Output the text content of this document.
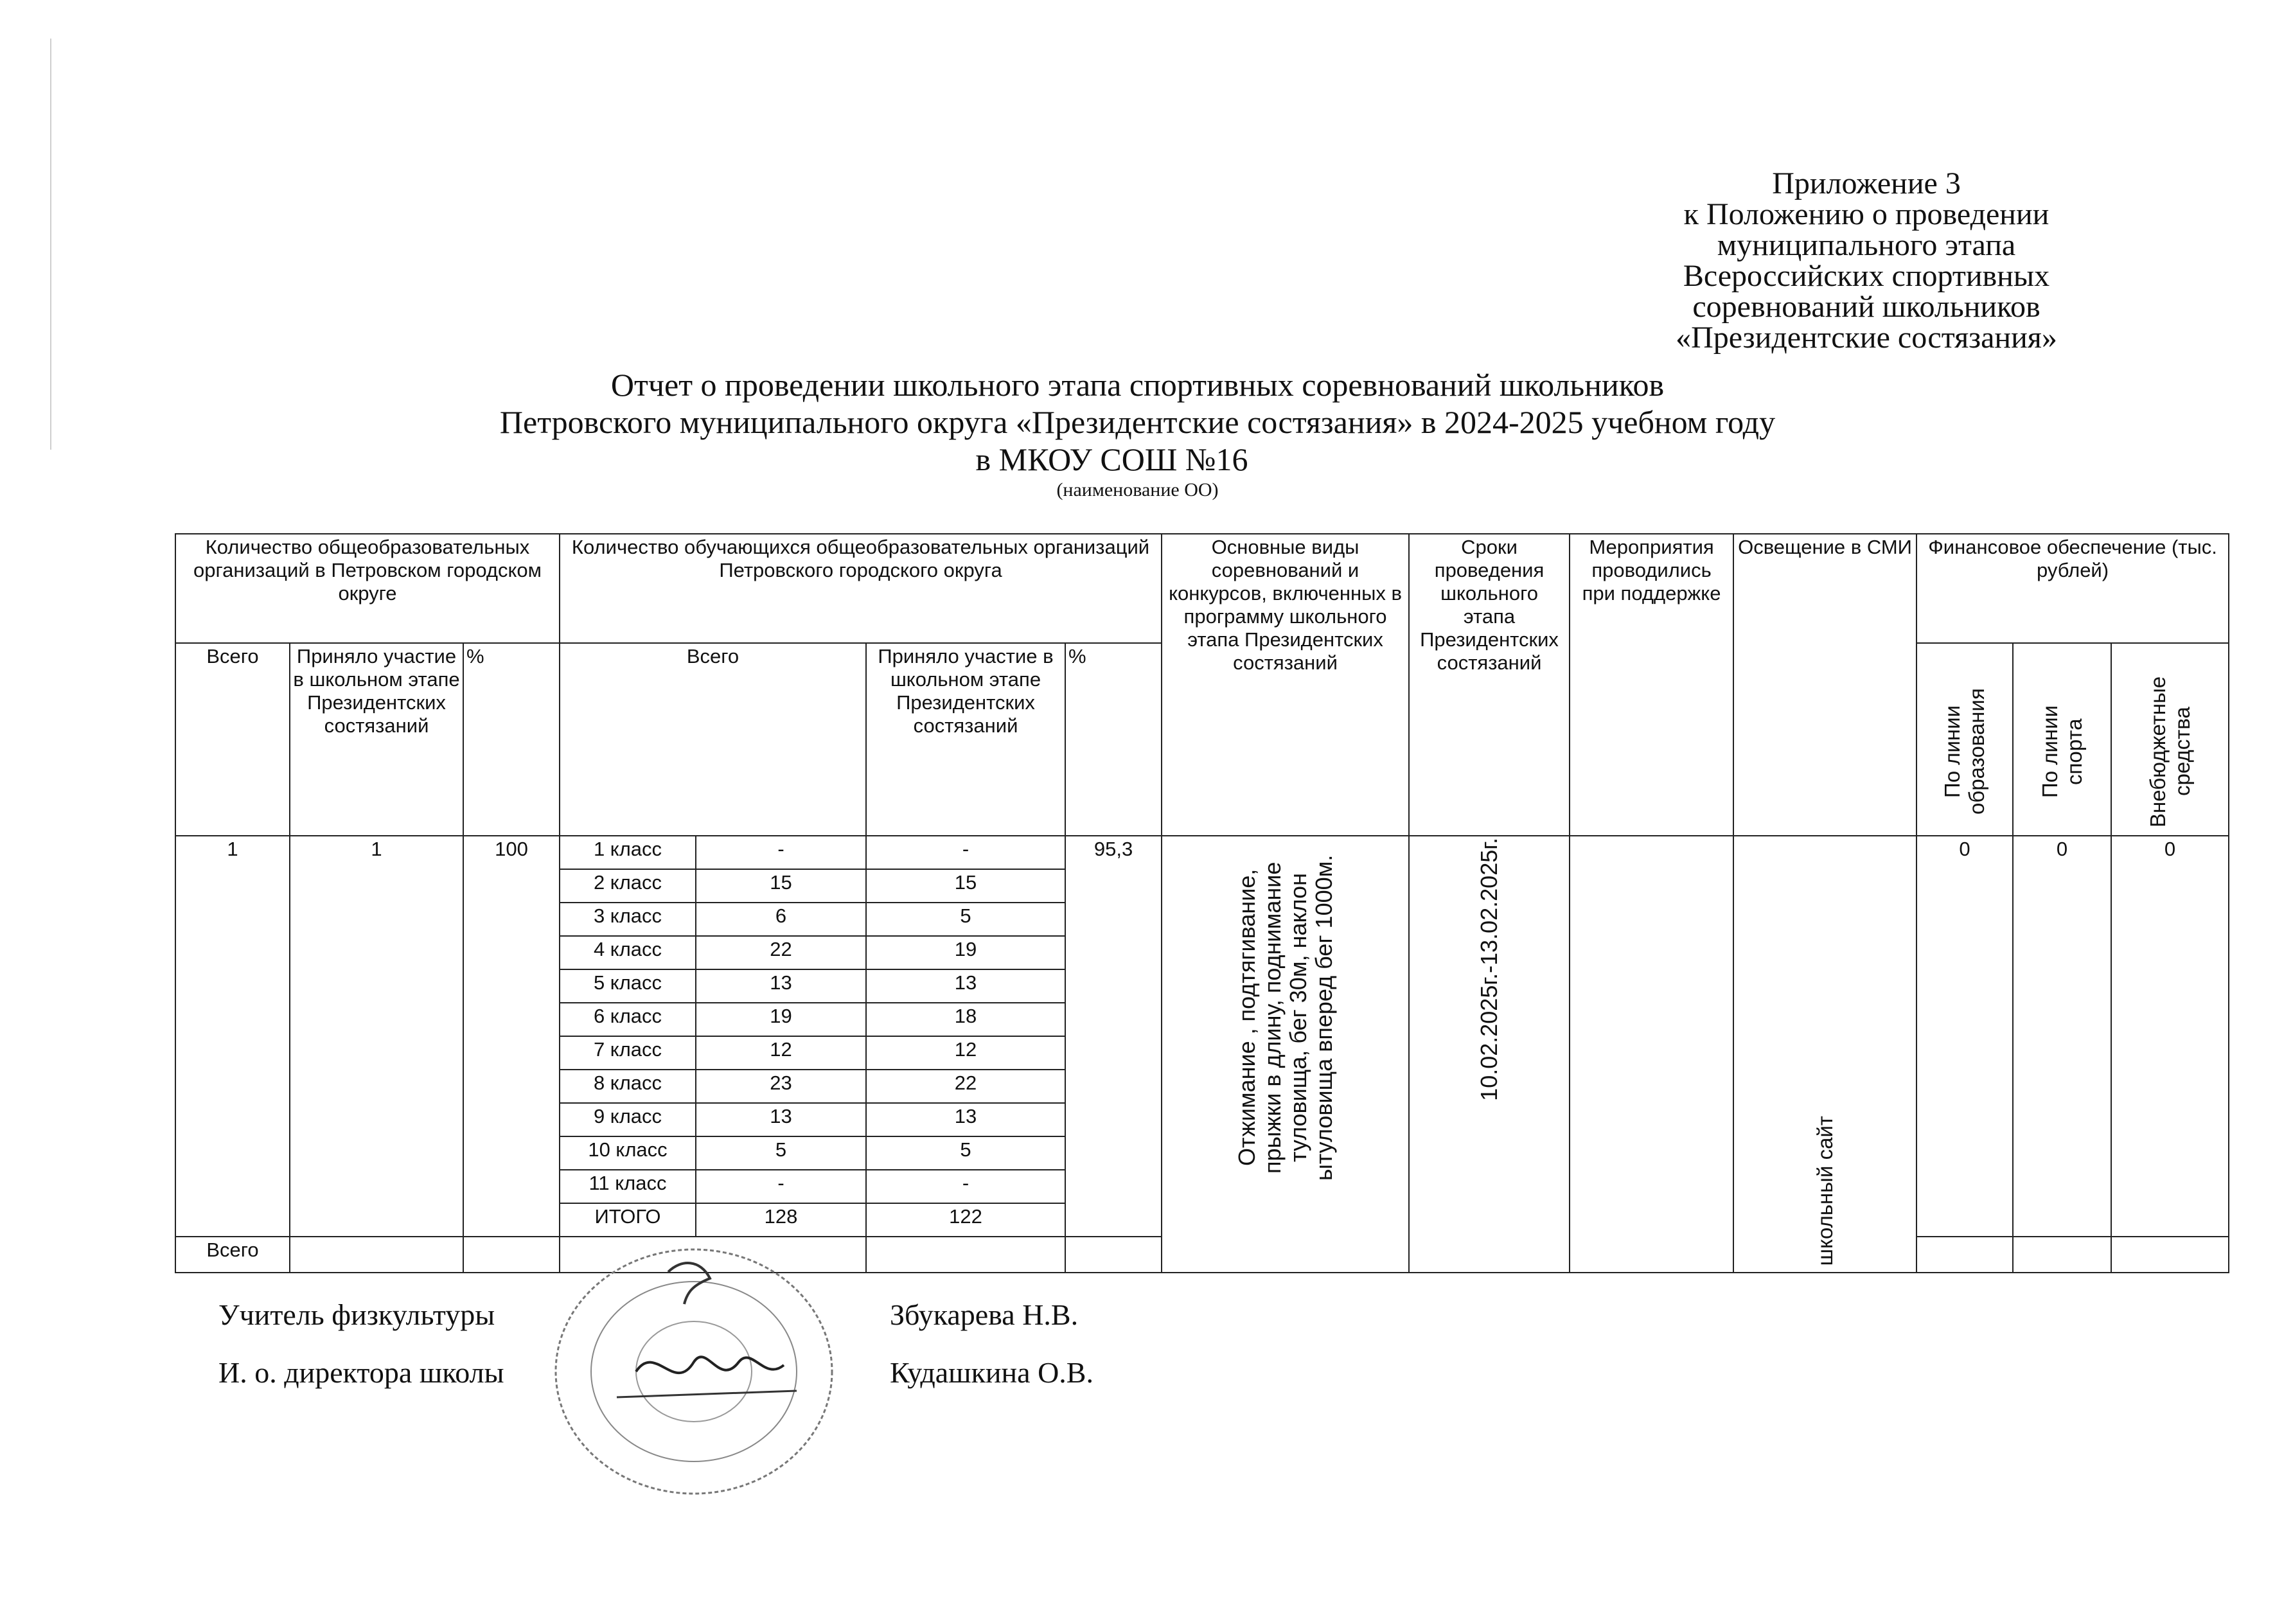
Приложение 3
к Положению о проведении
муниципального этапа
Всероссийских спортивных
соревнований школьников
«Президентские состязания»
Отчет о проведении школьного этапа спортивных соревнований школьников
Петровского муниципального округа «Президентские состязания» в 2024-2025 учебном году
в МКОУ СОШ №16
(наименование ОО)
Количество общеобразовательных организаций в Петровском городском округе			Количество обучающихся общеобразовательных организаций Петровского городского округа				Основные виды соревнований и конкурсов, включенных в программу школьного этапа Президентских состязаний	Сроки проведения школьного этапа Президентских состязаний	Мероприятия проводились при поддержке	Освещение в СМИ	Финансовое обеспечение (тыс. рублей)		
Всего	Приняло участие в школьном этапе Президентских состязаний	%	Всего		Приняло участие в школьном этапе Президентских состязаний	%					По линии образования	По линии спорта	Внебюджетные средства
1	1	100	1 класс	-	-	95,3	Отжимание , подтягивание, прыжки в длину, поднимание туловища, бег 30м, наклон ытуловища вперед бег 1000м.	10.02.2025г.-13.02.2025г.		школьный сайт	0	0	0
			2 класс	15	15								
			3 класс	6	5								
			4 класс	22	19								
			5 класс	13	13								
			6 класс	19	18								
			7 класс	12	12								
			8 класс	23	22								
			9 класс	13	13								
			10 класс	5	5								
			11 класс	-	-								
			ИТОГО	128	122								
Всего													
Учитель физкультуры	Збукарева Н.В.
И. о. директора школы	Кудашкина О.В.
